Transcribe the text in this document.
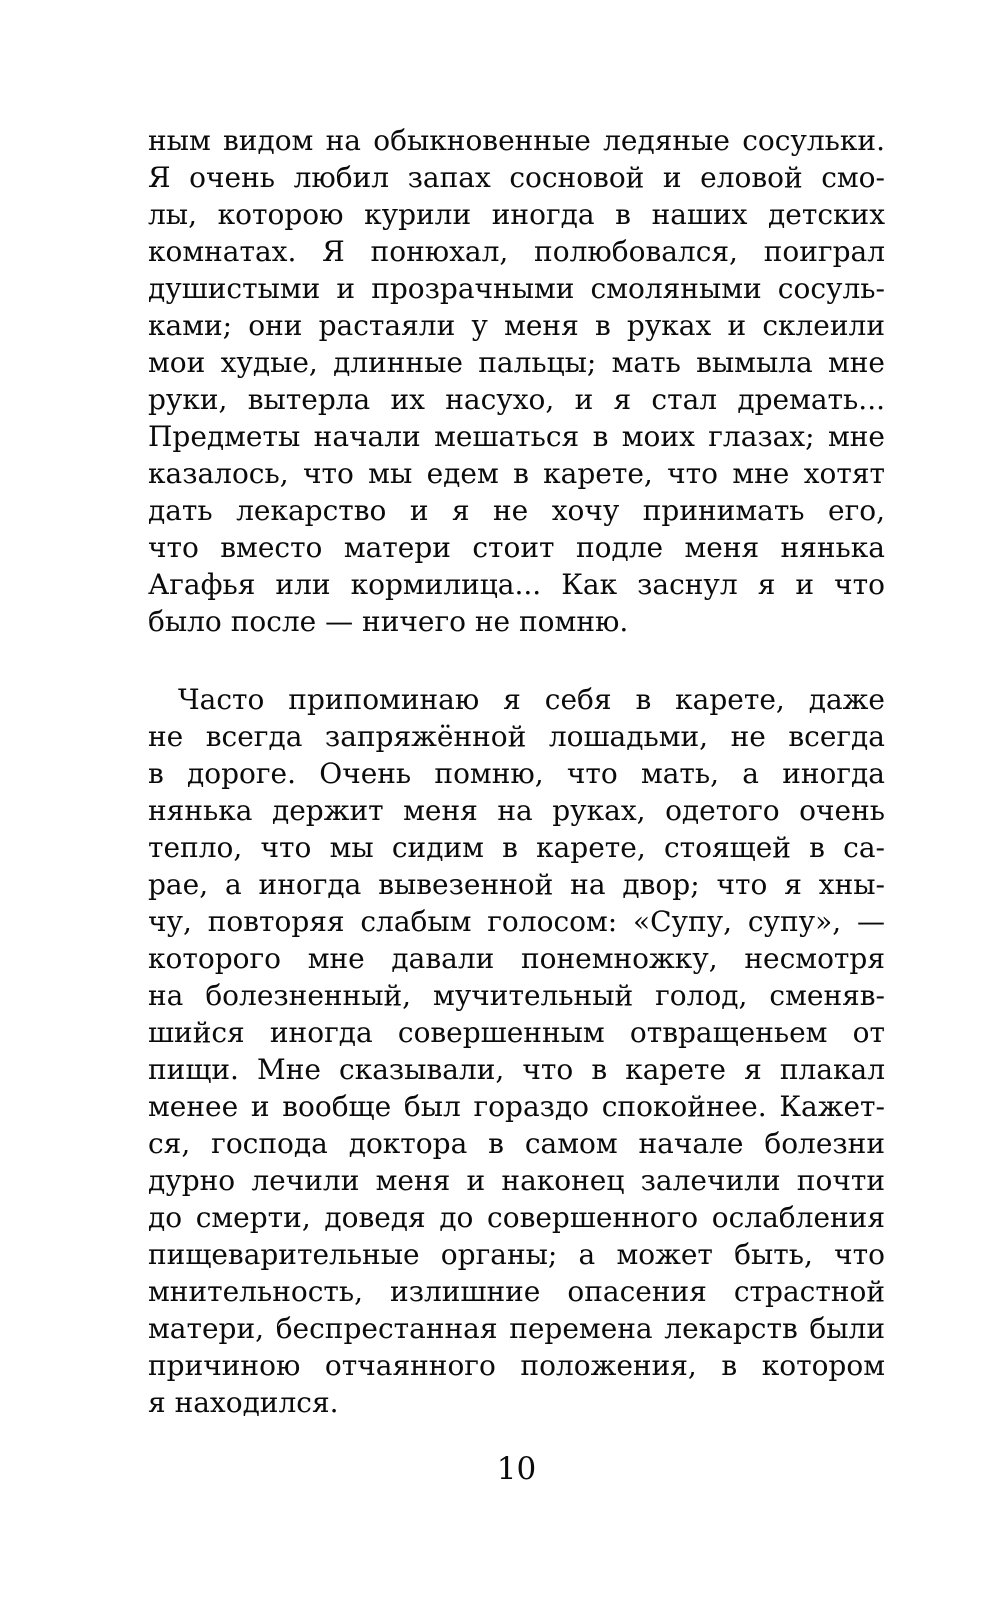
ным видом на обыкновенные ледяные сосульки.
Я очень любил запах сосновой и еловой смо-
лы, которою курили иногда в наших детских
комнатах. Я понюхал, полюбовался, поиграл
душистыми и прозрачными смоляными сосуль-
ками; они растаяли у меня в руках и склеили
мои худые, длинные пальцы; мать вымыла мне
руки, вытерла их насухо, и я стал дремать...
Предметы начали мешаться в моих глазах; мне
казалось, что мы едем в карете, что мне хотят
дать лекарство и я не хочу принимать его,
что вместо матери стоит подле меня нянька
Агафья или кормилица... Как заснул я и что
было после — ничего не помню.
Часто припоминаю я себя в карете, даже
не всегда запряжённой лошадьми, не всегда
в дороге. Очень помню, что мать, а иногда
нянька держит меня на руках, одетого очень
тепло, что мы сидим в карете, стоящей в са-
рае, а иногда вывезенной на двор; что я хны-
чу, повторяя слабым голосом: «Супу, супу», —
которого мне давали понемножку, несмотря
на болезненный, мучительный голод, сменяв-
шийся иногда совершенным отвращеньем от
пищи. Мне сказывали, что в карете я плакал
менее и вообще был гораздо спокойнее. Кажет-
ся, господа доктора в самом начале болезни
дурно лечили меня и наконец залечили почти
до смерти, доведя до совершенного ослабления
пищеварительные органы; а может быть, что
мнительность, излишние опасения страстной
матери, беспрестанная перемена лекарств были
причиною отчаянного положения, в котором
я находился.
10
